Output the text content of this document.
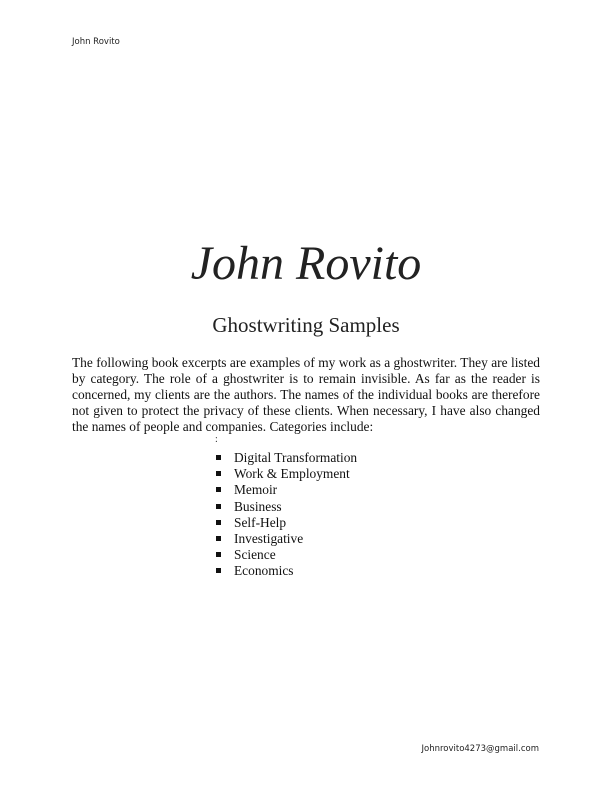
John Rovito
John Rovito
Ghostwriting Samples

The following book excerpts are examples of my work as a ghostwriter. They are listed by category. The role of a ghostwriter is to remain invisible. As far as the reader is concerned, my clients are the authors. The names of the individual books are therefore not given to protect the privacy of these clients. When necessary, I have also changed the names of people and companies. Categories include:

:
Digital Transformation
Work & Employment
Memoir
Business
Self-Help
Investigative
Science
Economics
Johnrovito4273@gmail.com
